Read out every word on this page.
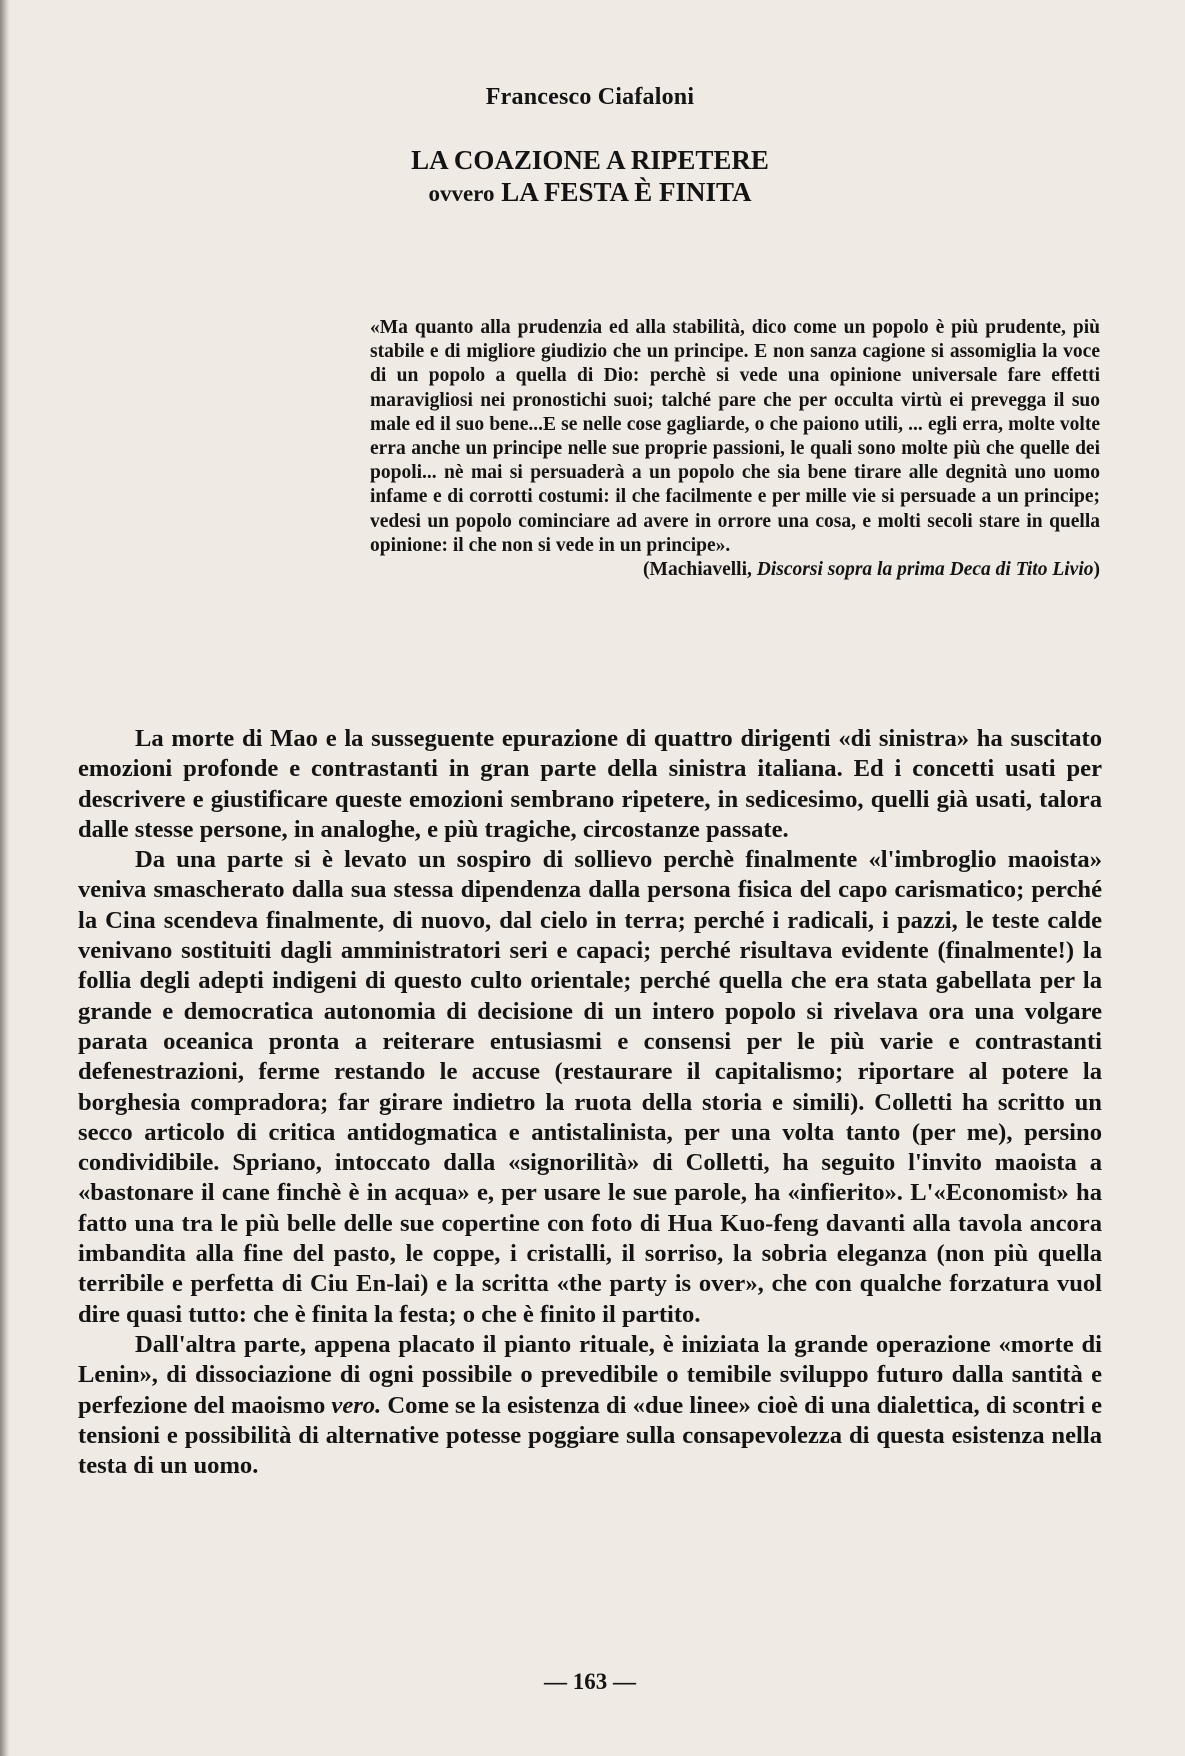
Francesco Ciafaloni
LA COAZIONE A RIPETERE
ovvero LA FESTA È FINITA

«Ma quanto alla prudenzia ed alla stabilità, dico come un popolo è più prudente, più stabile e di migliore giudizio che un principe. E non sanza cagione si assomiglia la voce di un popolo a quella di Dio: perchè si vede una opinione universale fare effetti maravigliosi nei pronostichi suoi; talché pare che per occulta virtù ei prevegga il suo male ed il suo bene...E se nelle cose gagliarde, o che paiono utili, ... egli erra, molte volte erra anche un principe nelle sue proprie passioni, le quali sono molte più che quelle dei popoli... nè mai si persuaderà a un popolo che sia bene tirare alle degnità uno uomo infame e di corrotti costumi: il che facilmente e per mille vie si persuade a un principe; vedesi un popolo cominciare ad avere in orrore una cosa, e molti secoli stare in quella opinione: il che non si vede in un principe».

(Machiavelli, Discorsi sopra la prima Deca di Tito Livio)

La morte di Mao e la susseguente epurazione di quattro dirigenti «di sinistra» ha suscitato emozioni profonde e contrastanti in gran parte della sinistra italiana. Ed i concetti usati per descrivere e giustificare queste emozioni sembrano ripetere, in sedicesimo, quelli già usati, talora dalle stesse persone, in analoghe, e più tragiche, circostanze passate.

Da una parte si è levato un sospiro di sollievo perchè finalmente «l'imbroglio maoista» veniva smascherato dalla sua stessa dipendenza dalla persona fisica del capo carismatico; perché la Cina scendeva finalmente, di nuovo, dal cielo in terra; perché i radicali, i pazzi, le teste calde venivano sostituiti dagli amministratori seri e capaci; perché risultava evidente (finalmente!) la follia degli adepti indigeni di questo culto orientale; perché quella che era stata gabellata per la grande e democratica autonomia di decisione di un intero popolo si rivelava ora una volgare parata oceanica pronta a reiterare entusiasmi e consensi per le più varie e contrastanti defenestrazioni, ferme restando le accuse (restaurare il capitalismo; riportare al potere la borghesia compradora; far girare indietro la ruota della storia e simili). Colletti ha scritto un secco articolo di critica antidogmatica e antistalinista, per una volta tanto (per me), persino condividibile. Spriano, intoccato dalla «signorilità» di Colletti, ha seguito l'invito maoista a «bastonare il cane finchè è in acqua» e, per usare le sue parole, ha «infierito». L'«Economist» ha fatto una tra le più belle delle sue copertine con foto di Hua Kuo-feng davanti alla tavola ancora imbandita alla fine del pasto, le coppe, i cristalli, il sorriso, la sobria eleganza (non più quella terribile e perfetta di Ciu En-lai) e la scritta «the party is over», che con qualche forzatura vuol dire quasi tutto: che è finita la festa; o che è finito il partito.

Dall'altra parte, appena placato il pianto rituale, è iniziata la grande operazione «morte di Lenin», di dissociazione di ogni possibile o prevedibile o temibile sviluppo futuro dalla santità e perfezione del maoismo vero. Come se la esistenza di «due linee» cioè di una dialettica, di scontri e tensioni e possibilità di alternative potesse poggiare sulla consapevolezza di questa esistenza nella testa di un uomo.

— 163 —
